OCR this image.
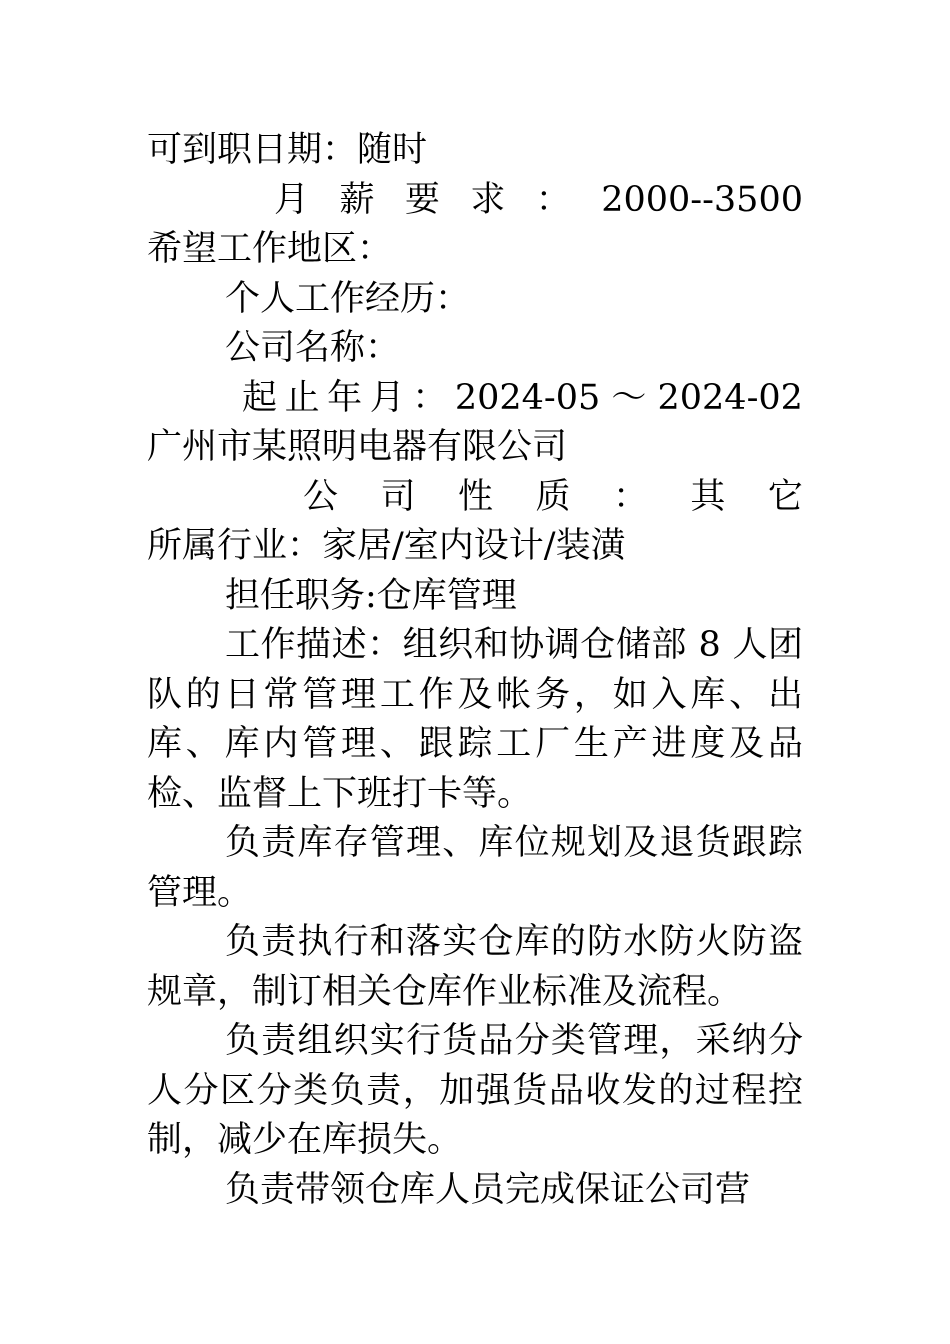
可到职日期：随时
月 薪 要 求 ： 2000--3500
希望工作地区：
个人工作经历：
公司名称：
起 止 年 月 ： 2024-05 ～ 2024-02
广州市某照明电器有限公司
公 司 性 质 ： 其 它
所属行业：家居/室内设计/装潢
担任职务:仓库管理

工作描述：组织和协调仓储部 8 人团队的日常管理工作及帐务，如入库、出库、库内管理、跟踪工厂生产进度及品检、监督上下班打卡等。

负责库存管理、库位规划及退货跟踪管理。

负责执行和落实仓库的防水防火防盗规章，制订相关仓库作业标准及流程。

负责组织实行货品分类管理，采纳分人分区分类负责，加强货品收发的过程控制，减少在库损失。

负责带领仓库人员完成保证公司营
